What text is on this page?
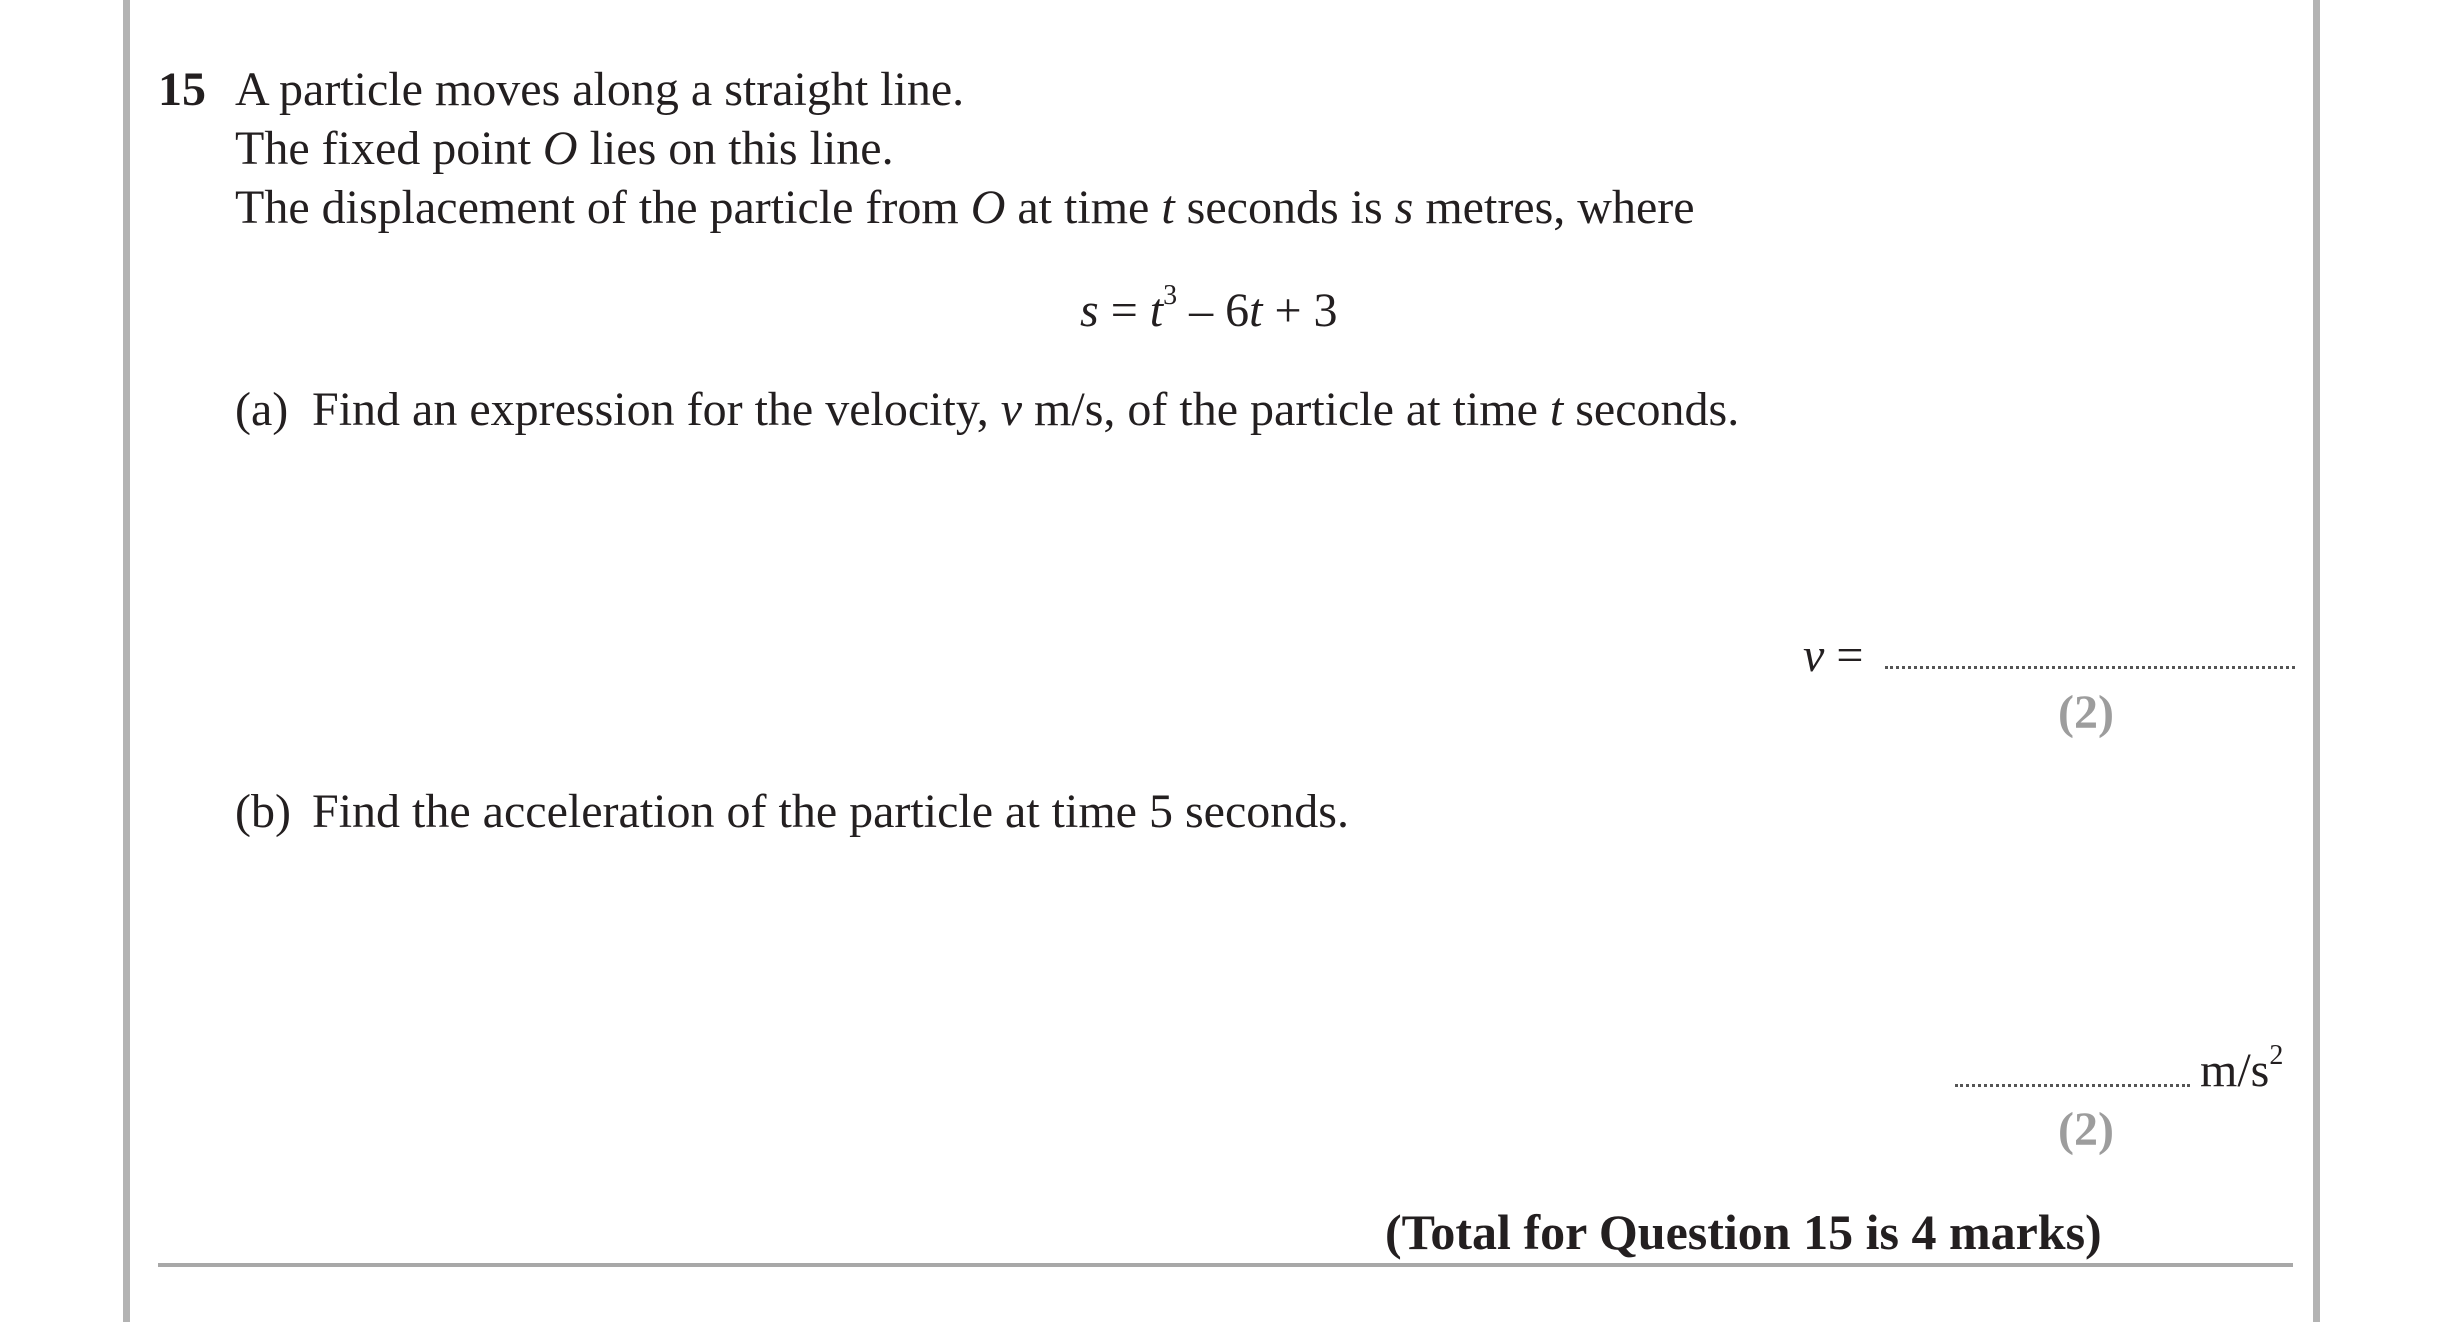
15 A particle moves along a straight line.
The fixed point O lies on this line.
The displacement of the particle from O at time t seconds is s metres, where
$s = t^3 - 6t + 3$
(a) Find an expression for the velocity, v m/s, of the particle at time t seconds.
v =
(2)
(b) Find the acceleration of the particle at time 5 seconds.
$m/s^2$
(2)
(Total for Question 15 is 4 marks)
